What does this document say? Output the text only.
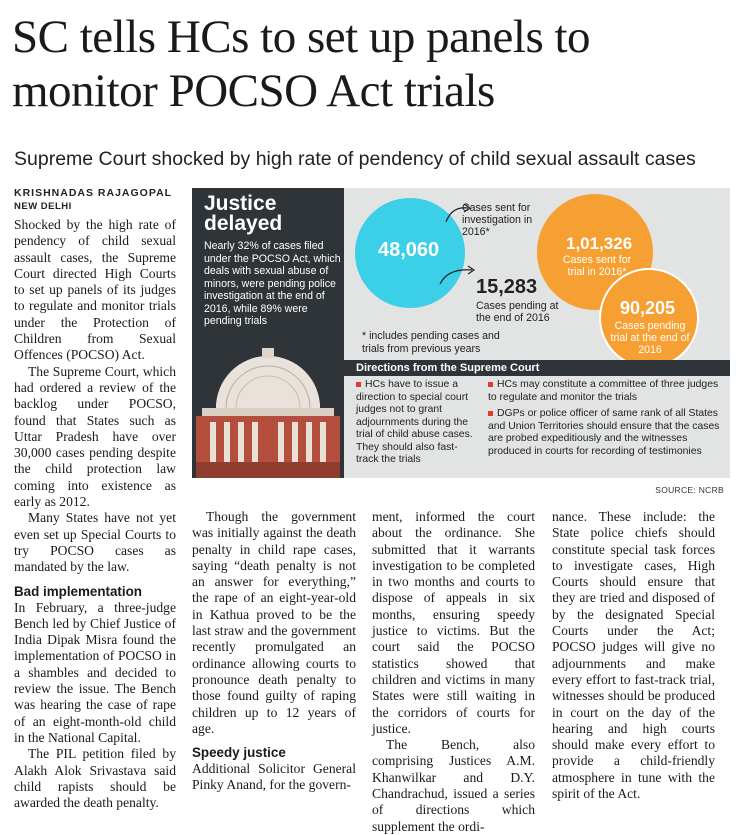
SC tells HCs to set up panels to monitor POCSO Act trials
Supreme Court shocked by high rate of pendency of child sexual assault cases
KRISHNADAS RAJAGOPAL
NEW DELHI

Shocked by the high rate of pendency of child sexual assault cases, the Supreme Court directed High Courts to set up panels of its judges to regulate and monitor trials under the Protection of Children from Sexual Offences (POCSO) Act.

The Supreme Court, which had ordered a review of the backlog under POCSO, found that States such as Uttar Pradesh have over 30,000 cases pending despite the child protection law coming into existence as early as 2012.

Many States have not yet even set up Special Courts to try POCSO cases as mandated by the law.

Bad implementation

In February, a three-judge Bench led by Chief Justice of India Dipak Misra found the implementation of POCSO in a shambles and decided to review the issue. The Bench was hearing the case of rape of an eight-month-old child in the National Capital.

The PIL petition filed by Alakh Alok Srivastava said child rapists should be awarded the death penalty.

Justice
delayed
Nearly 32% of cases filed under the POCSO Act, which deals with sexual abuse of minors, were pending police investigation at the end of 2016, while 89% were pending trials
48,060
Cases sent for investigation in 2016*
15,283
Cases pending at the end of 2016
1,01,326
Cases sent for trial in 2016*
90,205
Cases pending trial at the end of 2016
* includes pending cases and trials from previous years
Directions from the Supreme Court
HCs have to issue a direction to special court judges not to grant adjournments during the trial of child abuse cases. They should also fast-track the trials
HCs may constitute a committee of three judges to regulate and monitor the trials
DGPs or police officer of same rank of all States and Union Territories should ensure that the cases are probed expeditiously and the witnesses produced in courts for recording of testimonies
SOURCE: NCRB

Though the government was initially against the death penalty in child rape cases, saying “death penalty is not an answer for everything,” the rape of an eight-year-old in Kathua proved to be the last straw and the government recently promulgated an ordinance allowing courts to pronounce death penalty to those found guilty of raping children up to 12 years of age.

Speedy justice

Additional Solicitor General Pinky Anand, for the govern-

ment, informed the court about the ordinance. She submitted that it warrants investigation to be completed in two months and courts to dispose of appeals in six months, ensuring speedy justice to victims. But the court said the POCSO statistics showed that children and victims in many States were still waiting in the corridors of courts for justice.

The Bench, also comprising Justices A.M. Khanwilkar and D.Y. Chandrachud, issued a series of directions which supplement the ordi-

nance. These include: the State police chiefs should constitute special task forces to investigate cases, High Courts should ensure that they are tried and disposed of by the designated Special Courts under the Act; POCSO judges will give no adjournments and make every effort to fast-track trial, witnesses should be produced in court on the day of the hearing and high courts should make every effort to provide a child-friendly atmosphere in tune with the spirit of the Act.
